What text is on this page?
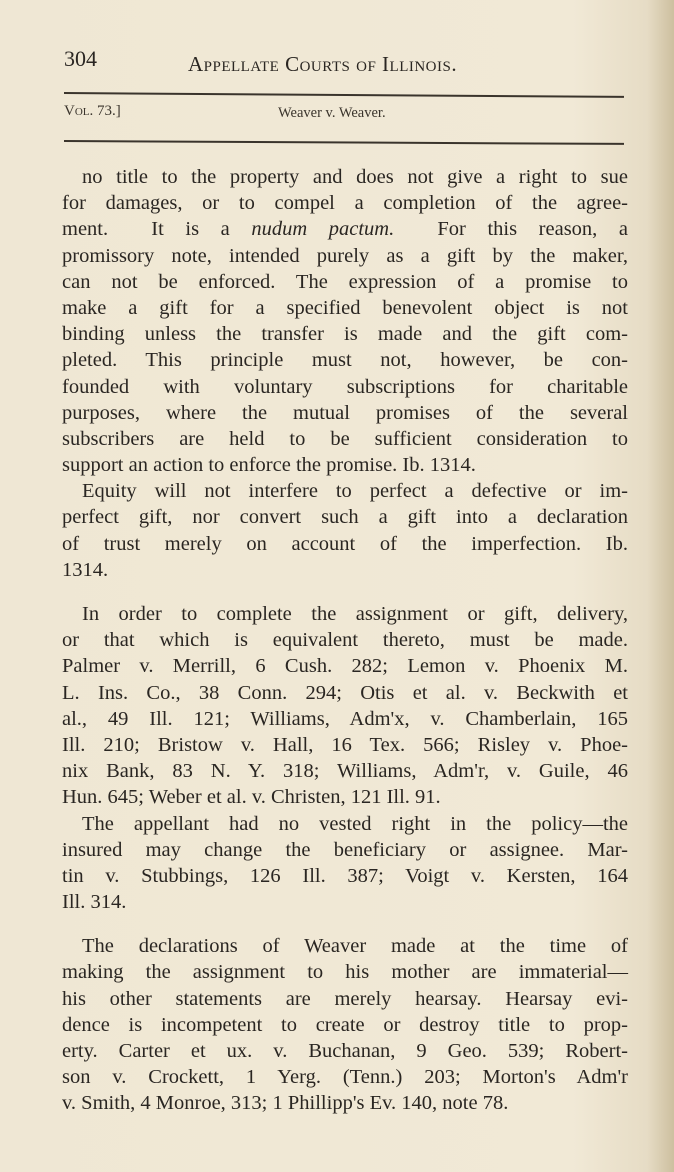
304	Appellate Courts of Illinois.
Vol. 73.]	Weaver v. Weaver.
no title to the property and does not give a right to sue
for damages, or to compel a completion of the agree-
ment.  It is a nudum pactum.  For this reason, a
promissory note, intended purely as a gift by the maker,
can not be enforced. The expression of a promise to
make a gift for a specified benevolent object is not
binding unless the transfer is made and the gift com-
pleted. This principle must not, however, be con-
founded with voluntary subscriptions for charitable
purposes, where the mutual promises of the several
subscribers are held to be sufficient consideration to
support an action to enforce the promise. Ib. 1314.
Equity will not interfere to perfect a defective or im-
perfect gift, nor convert such a gift into a declaration
of trust merely on account of the imperfection. Ib.
1314.
In order to complete the assignment or gift, delivery,
or that which is equivalent thereto, must be made.
Palmer v. Merrill, 6 Cush. 282; Lemon v. Phoenix M.
L. Ins. Co., 38 Conn. 294; Otis et al. v. Beckwith et
al., 49 Ill. 121; Williams, Adm'x, v. Chamberlain, 165
Ill. 210; Bristow v. Hall, 16 Tex. 566; Risley v. Phoe-
nix Bank, 83 N. Y. 318; Williams, Adm'r, v. Guile, 46
Hun. 645; Weber et al. v. Christen, 121 Ill. 91.
The appellant had no vested right in the policy—the
insured may change the beneficiary or assignee. Mar-
tin v. Stubbings, 126 Ill. 387; Voigt v. Kersten, 164
Ill. 314.
The declarations of Weaver made at the time of
making the assignment to his mother are immaterial—
his other statements are merely hearsay. Hearsay evi-
dence is incompetent to create or destroy title to prop-
erty. Carter et ux. v. Buchanan, 9 Geo. 539; Robert-
son v. Crockett, 1 Yerg. (Tenn.) 203; Morton's Adm'r
v. Smith, 4 Monroe, 313; 1 Phillipp's Ev. 140, note 78.
